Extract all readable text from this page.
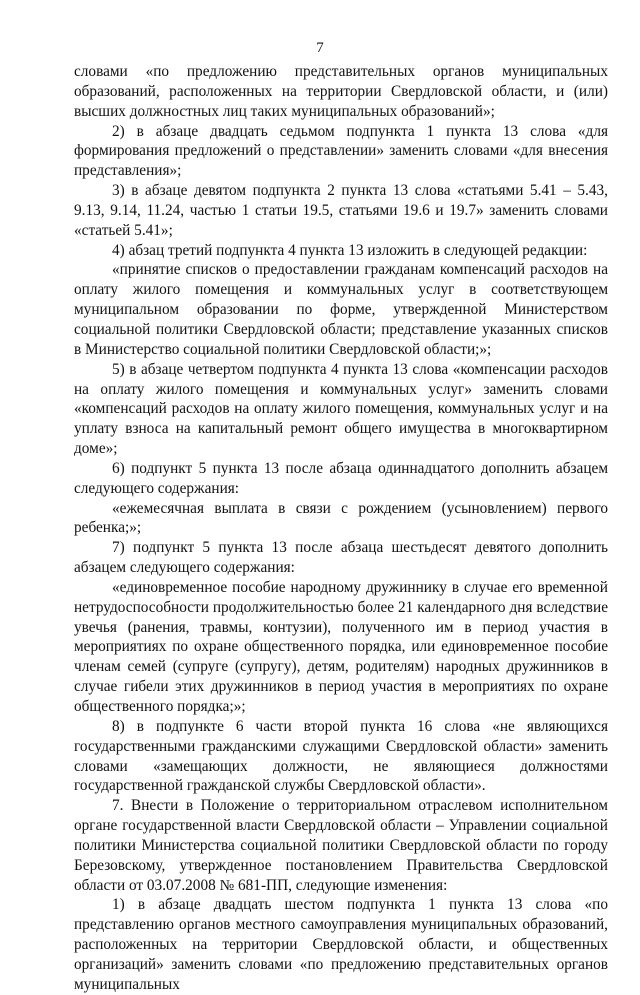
7

словами «по предложению представительных органов муниципальных образований, расположенных на территории Свердловской области, и (или) высших должностных лиц таких муниципальных образований»;

2) в абзаце двадцать седьмом подпункта 1 пункта 13 слова «для формирования предложений о представлении» заменить словами «для внесения представления»;

3) в абзаце девятом подпункта 2 пункта 13 слова «статьями 5.41 – 5.43, 9.13, 9.14, 11.24, частью 1 статьи 19.5, статьями 19.6 и 19.7» заменить словами «статьей 5.41»;

4) абзац третий подпункта 4 пункта 13 изложить в следующей редакции:

«принятие списков о предоставлении гражданам компенсаций расходов на оплату жилого помещения и коммунальных услуг в соответствующем муниципальном образовании по форме, утвержденной Министерством социальной политики Свердловской области; представление указанных списков в Министерство социальной политики Свердловской области;»;

5) в абзаце четвертом подпункта 4 пункта 13 слова «компенсации расходов на оплату жилого помещения и коммунальных услуг» заменить словами «компенсаций расходов на оплату жилого помещения, коммунальных услуг и на уплату взноса на капитальный ремонт общего имущества в многоквартирном доме»;

6) подпункт 5 пункта 13 после абзаца одиннадцатого дополнить абзацем следующего содержания:

«ежемесячная выплата в связи с рождением (усыновлением) первого ребенка;»;

7) подпункт 5 пункта 13 после абзаца шестьдесят девятого дополнить абзацем следующего содержания:

«единовременное пособие народному дружиннику в случае его временной нетрудоспособности продолжительностью более 21 календарного дня вследствие увечья (ранения, травмы, контузии), полученного им в период участия в мероприятиях по охране общественного порядка, или единовременное пособие членам семей (супруге (супругу), детям, родителям) народных дружинников в случае гибели этих дружинников в период участия в мероприятиях по охране общественного порядка;»;

8) в подпункте 6 части второй пункта 16 слова «не являющихся государственными гражданскими служащими Свердловской области» заменить словами «замещающих должности, не являющиеся должностями государственной гражданской службы Свердловской области».

7. Внести в Положение о территориальном отраслевом исполнительном органе государственной власти Свердловской области – Управлении социальной политики Министерства социальной политики Свердловской области по городу Березовскому, утвержденное постановлением Правительства Свердловской области от 03.07.2008 № 681-ПП, следующие изменения:

1) в абзаце двадцать шестом подпункта 1 пункта 13 слова «по представлению органов местного самоуправления муниципальных образований, расположенных на территории Свердловской области, и общественных организаций» заменить словами «по предложению представительных органов муниципальных
